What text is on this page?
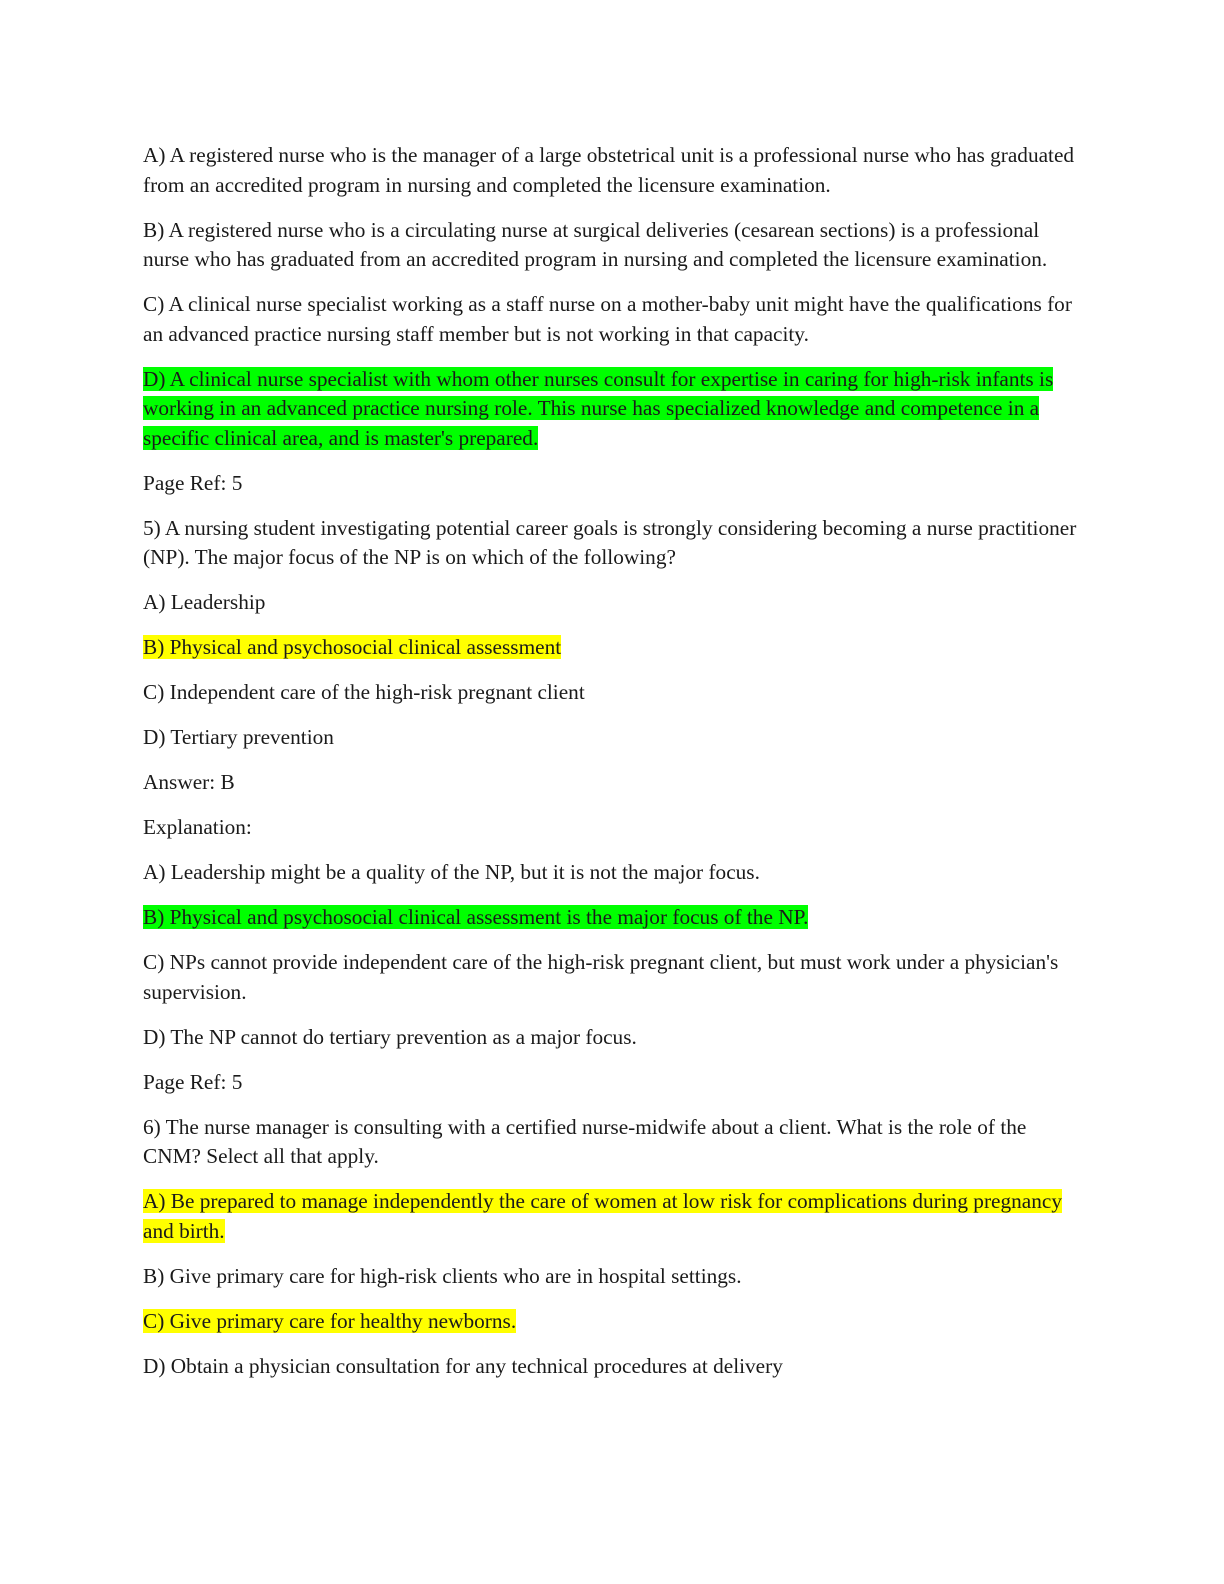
A) A registered nurse who is the manager of a large obstetrical unit is a professional nurse who has graduated from an accredited program in nursing and completed the licensure examination.

B) A registered nurse who is a circulating nurse at surgical deliveries (cesarean sections) is a professional nurse who has graduated from an accredited program in nursing and completed the licensure examination.

C) A clinical nurse specialist working as a staff nurse on a mother-baby unit might have the qualifications for an advanced practice nursing staff member but is not working in that capacity.

D) A clinical nurse specialist with whom other nurses consult for expertise in caring for high-risk infants is working in an advanced practice nursing role. This nurse has specialized knowledge and competence in a specific clinical area, and is master's prepared.

Page Ref: 5

5) A nursing student investigating potential career goals is strongly considering becoming a nurse practitioner (NP). The major focus of the NP is on which of the following?

A) Leadership

B) Physical and psychosocial clinical assessment

C) Independent care of the high-risk pregnant client

D) Tertiary prevention

Answer: B

Explanation:

A) Leadership might be a quality of the NP, but it is not the major focus.

B) Physical and psychosocial clinical assessment is the major focus of the NP.

C) NPs cannot provide independent care of the high-risk pregnant client, but must work under a physician's supervision.

D) The NP cannot do tertiary prevention as a major focus.

Page Ref: 5

6) The nurse manager is consulting with a certified nurse-midwife about a client. What is the role of the CNM? Select all that apply.

A) Be prepared to manage independently the care of women at low risk for complications during pregnancy and birth.

B) Give primary care for high-risk clients who are in hospital settings.

C) Give primary care for healthy newborns.

D) Obtain a physician consultation for any technical procedures at delivery
